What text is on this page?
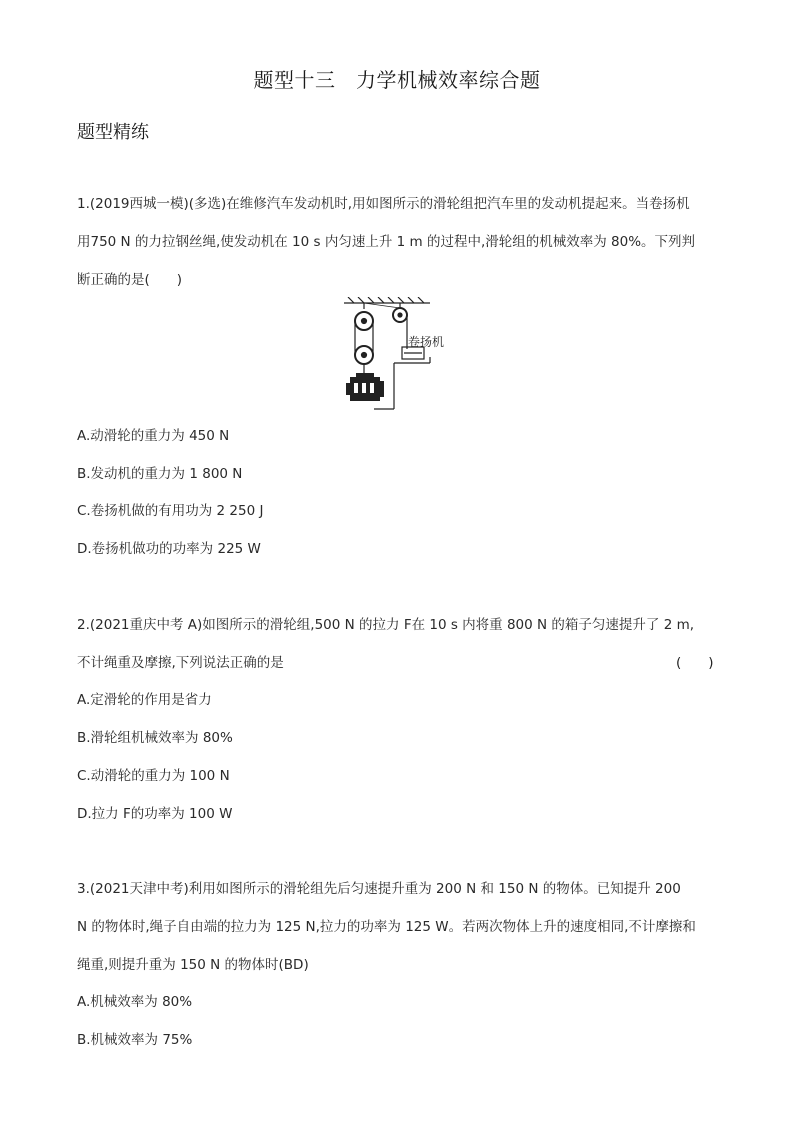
题型十三　力学机械效率综合题
题型精练
1.(2019西城一模)(多选)在维修汽车发动机时,用如图所示的滑轮组把汽车里的发动机提起来。当卷扬机
用750 N 的力拉钢丝绳,使发动机在 10 s 内匀速上升 1 m 的过程中,滑轮组的机械效率为 80%。下列判
断正确的是(　　)
卷扬机
A.动滑轮的重力为 450 N
B.发动机的重力为 1 800 N
C.卷扬机做的有用功为 2 250 J
D.卷扬机做功的功率为 225 W
2.(2021重庆中考 A)如图所示的滑轮组,500 N 的拉力 F在 10 s 内将重 800 N 的箱子匀速提升了 2 m,
不计绳重及摩擦,下列说法正确的是	(　　)
A.定滑轮的作用是省力
B.滑轮组机械效率为 80%
C.动滑轮的重力为 100 N
D.拉力 F的功率为 100 W
3.(2021天津中考)利用如图所示的滑轮组先后匀速提升重为 200 N 和 150 N 的物体。已知提升 200
N 的物体时,绳子自由端的拉力为 125 N,拉力的功率为 125 W。若两次物体上升的速度相同,不计摩擦和
绳重,则提升重为 150 N 的物体时(BD)
A.机械效率为 80%
B.机械效率为 75%
